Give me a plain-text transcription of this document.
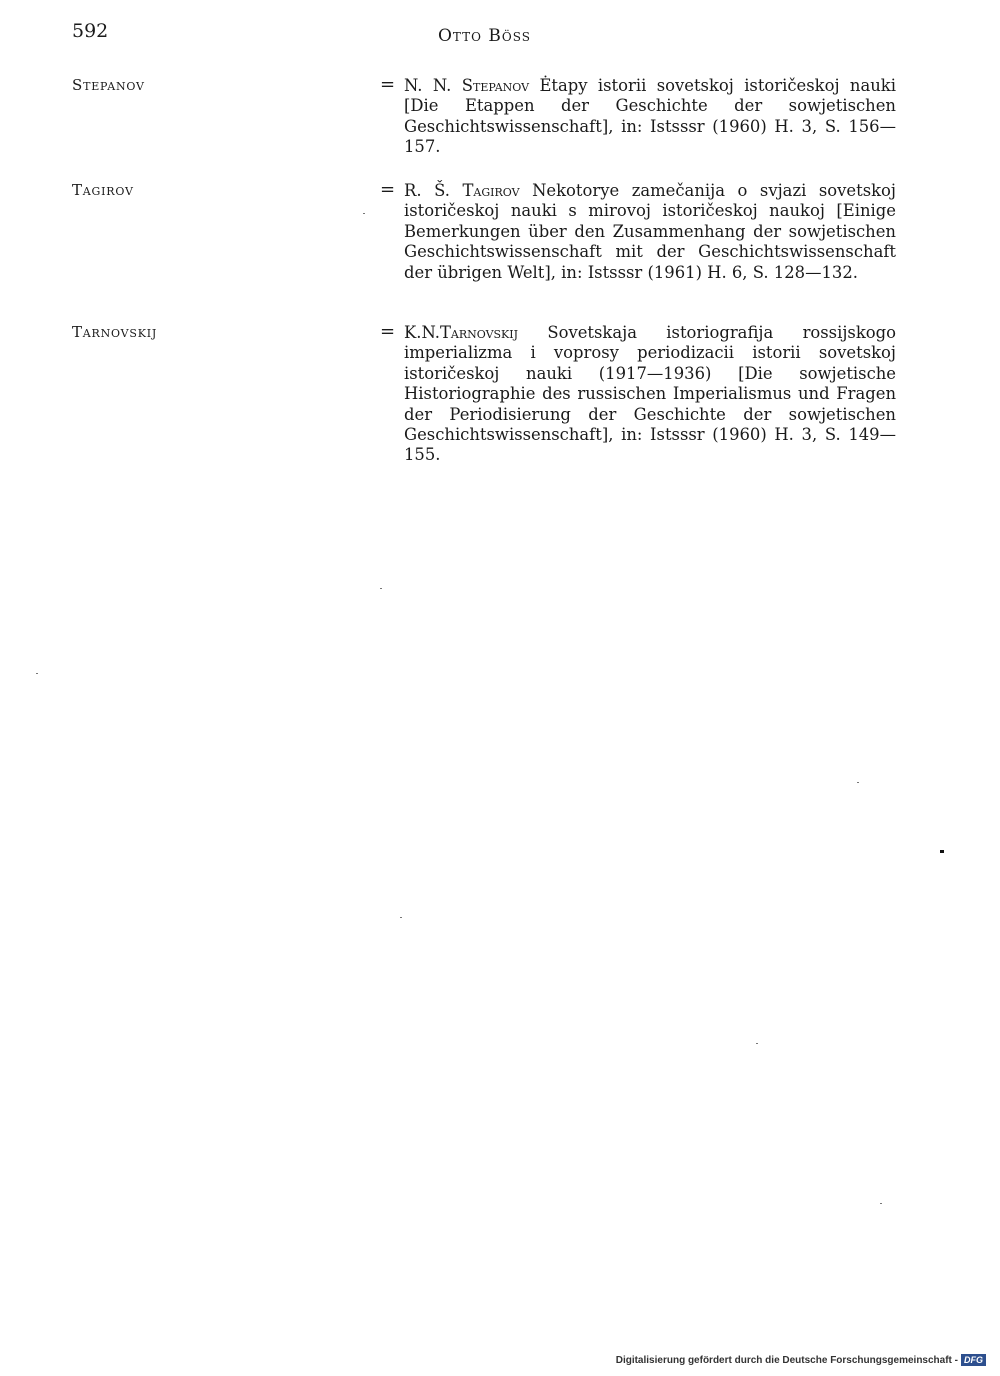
592	Otto Böss
Stepanov	= N. N. Stepanov Ėtapy istorii sovetskoj istoričeskoj nauki [Die Etappen der Geschichte der sowjetischen Geschichtswissenschaft], in: Istsssr (1960) H. 3, S. 156—157.
Tagirov	= R. Š. Tagirov Nekotorye zamečanija o svjazi sovetskoj istoričeskoj nauki s mirovoj istoričeskoj naukoj [Einige Bemerkungen über den Zusammenhang der sowjetischen Geschichtswissenschaft mit der Geschichtswissenschaft der übrigen Welt], in: Istsssr (1961) H. 6, S. 128—132.
Tarnovskij	= K.N.Tarnovskij Sovetskaja istoriografija rossijskogo imperializma i voprosy periodizacii istorii sovetskoj istoričeskoj nauki (1917—1936) [Die sowjetische Historiographie des russischen Imperialismus und Fragen der Periodisierung der Geschichte der sowjetischen Geschichtswissenschaft], in: Istsssr (1960) H. 3, S. 149—155.
Digitalisierung gefördert durch die Deutsche Forschungsgemeinschaft - DFG
